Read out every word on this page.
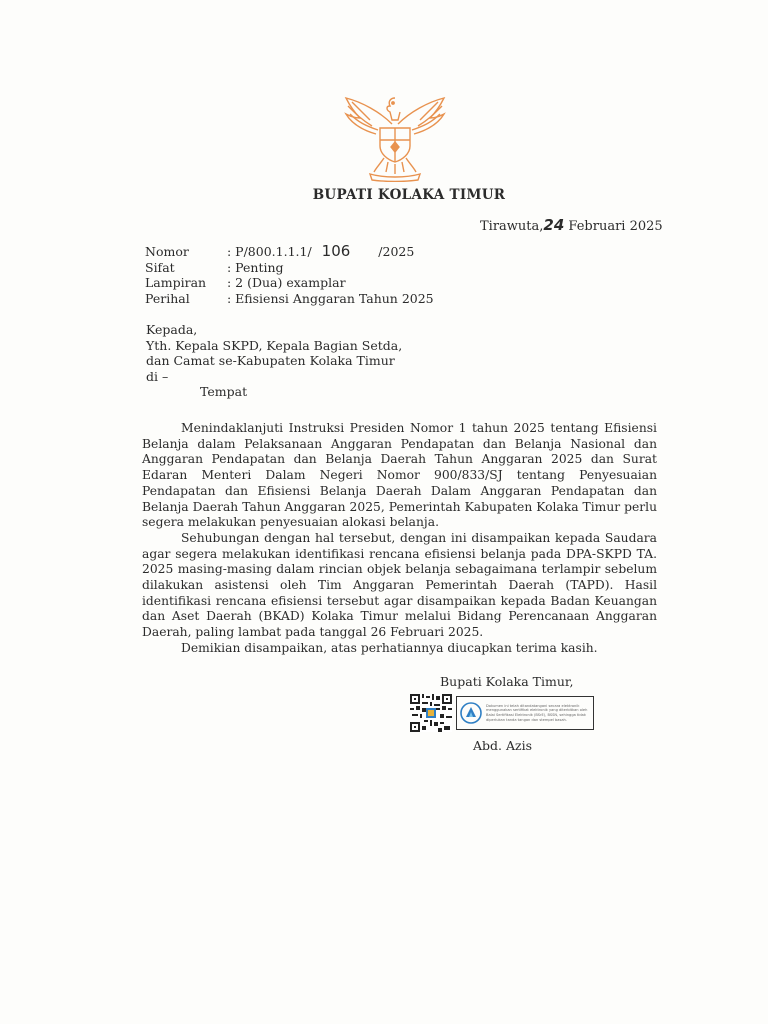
BUPATI KOLAKA TIMUR
Tirawuta,24 Februari 2025
Nomor	: P/800.1.1.1/ 106 /2025
Sifat	: Penting
Lampiran	: 2 (Dua) examplar
Perihal	: Efisiensi Anggaran Tahun 2025
Kepada,
Yth. Kepala SKPD, Kepala Bagian Setda,
dan Camat se-Kabupaten Kolaka Timur
di –
Tempat

Menindaklanjuti Instruksi Presiden Nomor 1 tahun 2025 tentang Efisiensi Belanja dalam Pelaksanaan Anggaran Pendapatan dan Belanja Nasional dan Anggaran Pendapatan dan Belanja Daerah Tahun Anggaran 2025 dan Surat Edaran Menteri Dalam Negeri Nomor 900/833/SJ tentang Penyesuaian Pendapatan dan Efisiensi Belanja Daerah Dalam Anggaran Pendapatan dan Belanja Daerah Tahun Anggaran 2025, Pemerintah Kabupaten Kolaka Timur perlu segera melakukan penyesuaian alokasi belanja.

Sehubungan dengan hal tersebut, dengan ini disampaikan kepada Saudara agar segera melakukan identifikasi rencana efisiensi belanja pada DPA-SKPD TA. 2025 masing-masing dalam rincian objek belanja sebagaimana terlampir sebelum dilakukan asistensi oleh Tim Anggaran Pemerintah Daerah (TAPD). Hasil identifikasi rencana efisiensi tersebut agar disampaikan kepada Badan Keuangan dan Aset Daerah (BKAD) Kolaka Timur melalui Bidang Perencanaan Anggaran Daerah, paling lambat pada tanggal 26 Februari 2025.

Demikian disampaikan, atas perhatiannya diucapkan terima kasih.

Bupati Kolaka Timur,
Dokumen ini telah ditandatangani secara elektronik menggunakan sertifikat elektronik yang diterbitkan oleh Balai Sertifikasi Elektronik (BSrE), BSSN, sehingga tidak diperlukan tanda tangan dan stempel basah.
Abd. Azis
